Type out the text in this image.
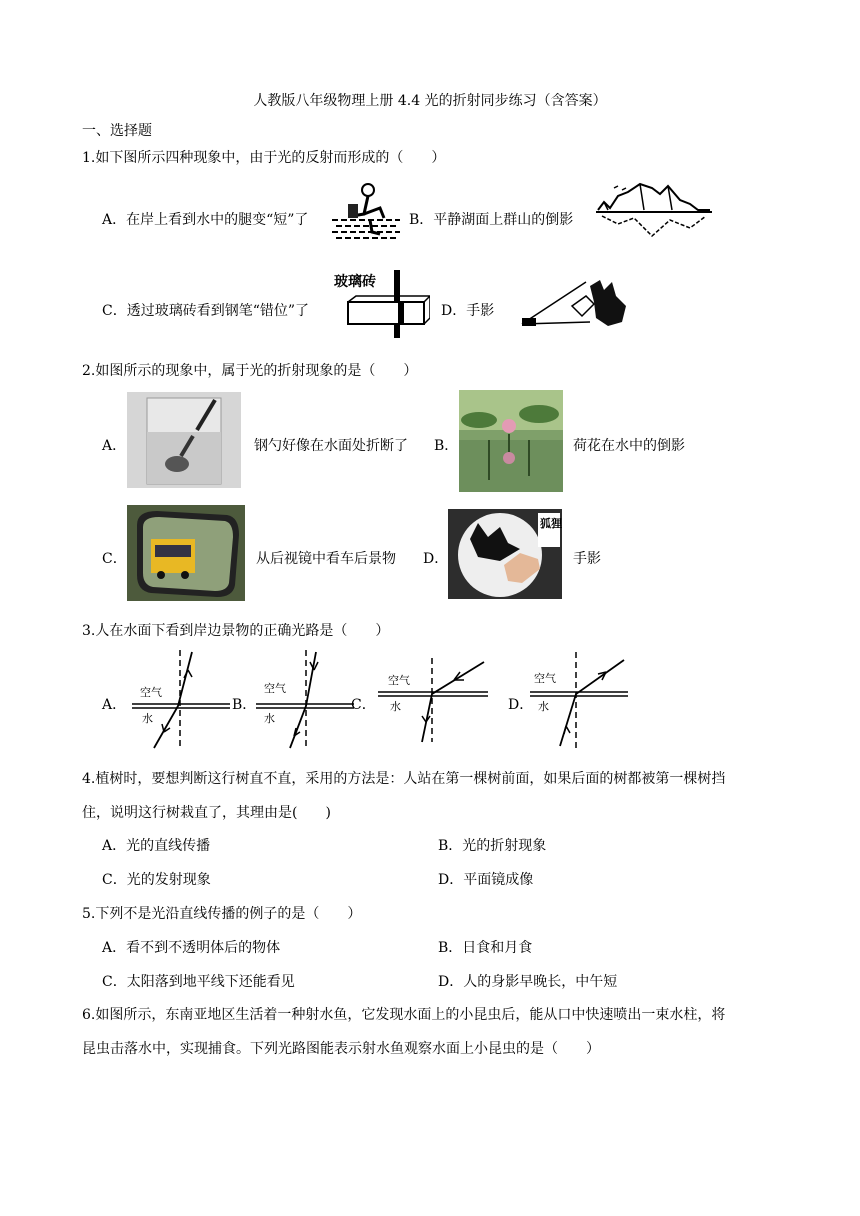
人教版八年级物理上册 4.4 光的折射同步练习（含答案）
一、选择题
1.如下图所示四种现象中，由于光的反射而形成的（　　）
A．在岸上看到水中的腿变“短”了	B．平静湖面上群山的倒影
C．透过玻璃砖看到钢笔“错位”了
玻璃砖
D．手影
2.如图所示的现象中，属于光的折射现象的是（　　）
A．	钢勺好像在水面处折断了 B．	荷花在水中的倒影
C．	从后视镜中看车后景物 D．
狐狸
手影
3.人在水面下看到岸边景物的正确光路是（　　）
A．
空气
水
B．
空气
水
C．
空气
水	D．
空气
水
4.植树时，要想判断这行树直不直，采用的方法是：人站在第一棵树前面，如果后面的树都被第一棵树挡
住，说明这行树栽直了，其理由是(　　)
A．光的直线传播	B．光的折射现象
C．光的发射现象	D．平面镜成像
5.下列不是光沿直线传播的例子的是（　　）
A．看不到不透明体后的物体	B．日食和月食
C．太阳落到地平线下还能看见	D．人的身影早晚长，中午短
6.如图所示，东南亚地区生活着一种射水鱼，它发现水面上的小昆虫后，能从口中快速喷出一束水柱，将
昆虫击落水中，实现捕食。下列光路图能表示射水鱼观察水面上小昆虫的是（　　）
